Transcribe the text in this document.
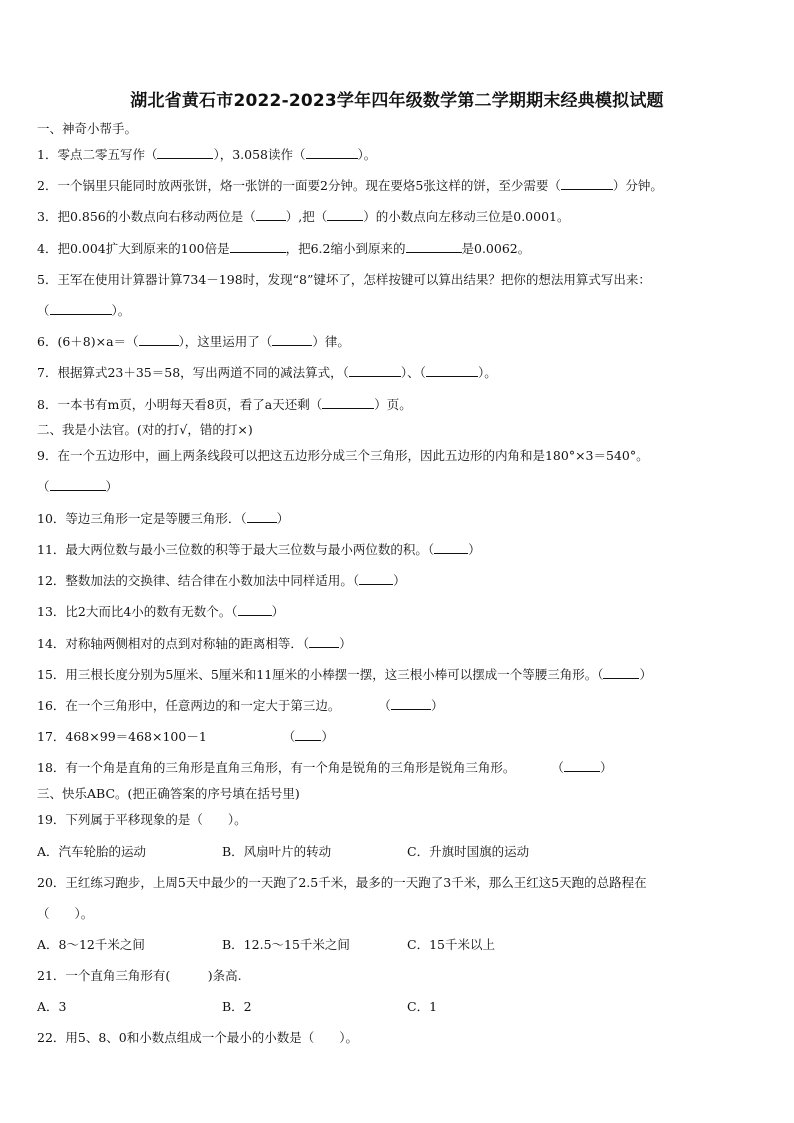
湖北省黄石市2022-2023学年四年级数学第二学期期末经典模拟试题
一、神奇小帮手。
1．零点二零五写作（	），3.058读作（	）。
2．一个锅里只能同时放两张饼，烙一张饼的一面要2分钟。现在要烙5张这样的饼，至少需要（	）分钟。
3．把0.856的小数点向右移动两位是（ ）,把（	）的小数点向左移动三位是0.0001。
4．把0.004扩大到原来的100倍是	，把6.2缩小到原来的	是0.0062。
5．王军在使用计算器计算734－198时，发现“8”键坏了，怎样按键可以算出结果？把你的想法用算式写出来：
（	）。
6．(6＋8)×a＝（	），这里运用了（	）律。
7．根据算式23＋35＝58，写出两道不同的减法算式，（	）、（	）。
8．一本书有m页，小明每天看8页，看了a天还剩（	）页。
二、我是小法官。(对的打√，错的打×)
9．在一个五边形中，画上两条线段可以把这五边形分成三个三角形，因此五边形的内角和是180°×3＝540°。
（	）
10．等边三角形一定是等腰三角形．（ ）
11．最大两位数与最小三位数的积等于最大三位数与最小两位数的积。（	）
12．整数加法的交换律、结合律在小数加法中同样适用。（	）
13．比2大而比4小的数有无数个。（	）
14．对称轴两侧相对的点到对称轴的距离相等．（ ）
15．用三根长度分别为5厘米、5厘米和11厘米的小棒摆一摆，这三根小棒可以摆成一个等腰三角形。（	）
16．在一个三角形中，任意两边的和一定大于第三边。	（	）
17．468×99＝468×100－1	（ ）
18．有一个角是直角的三角形是直角三角形，有一个角是锐角的三角形是锐角三角形。	（	）
三、快乐ABC。(把正确答案的序号填在括号里)
19．下列属于平移现象的是（　　）。
A．汽车轮胎的运动	B．风扇叶片的转动	C．升旗时国旗的运动
20．王红练习跑步，上周5天中最少的一天跑了2.5千米，最多的一天跑了3千米，那么王红这5天跑的总路程在
（　　）。
A．8～12千米之间	B．12.5～15千米之间	C．15千米以上
21．一个直角三角形有(　　　)条高.
A．3	B．2	C．1
22．用5、8、0和小数点组成一个最小的小数是（　　）。
